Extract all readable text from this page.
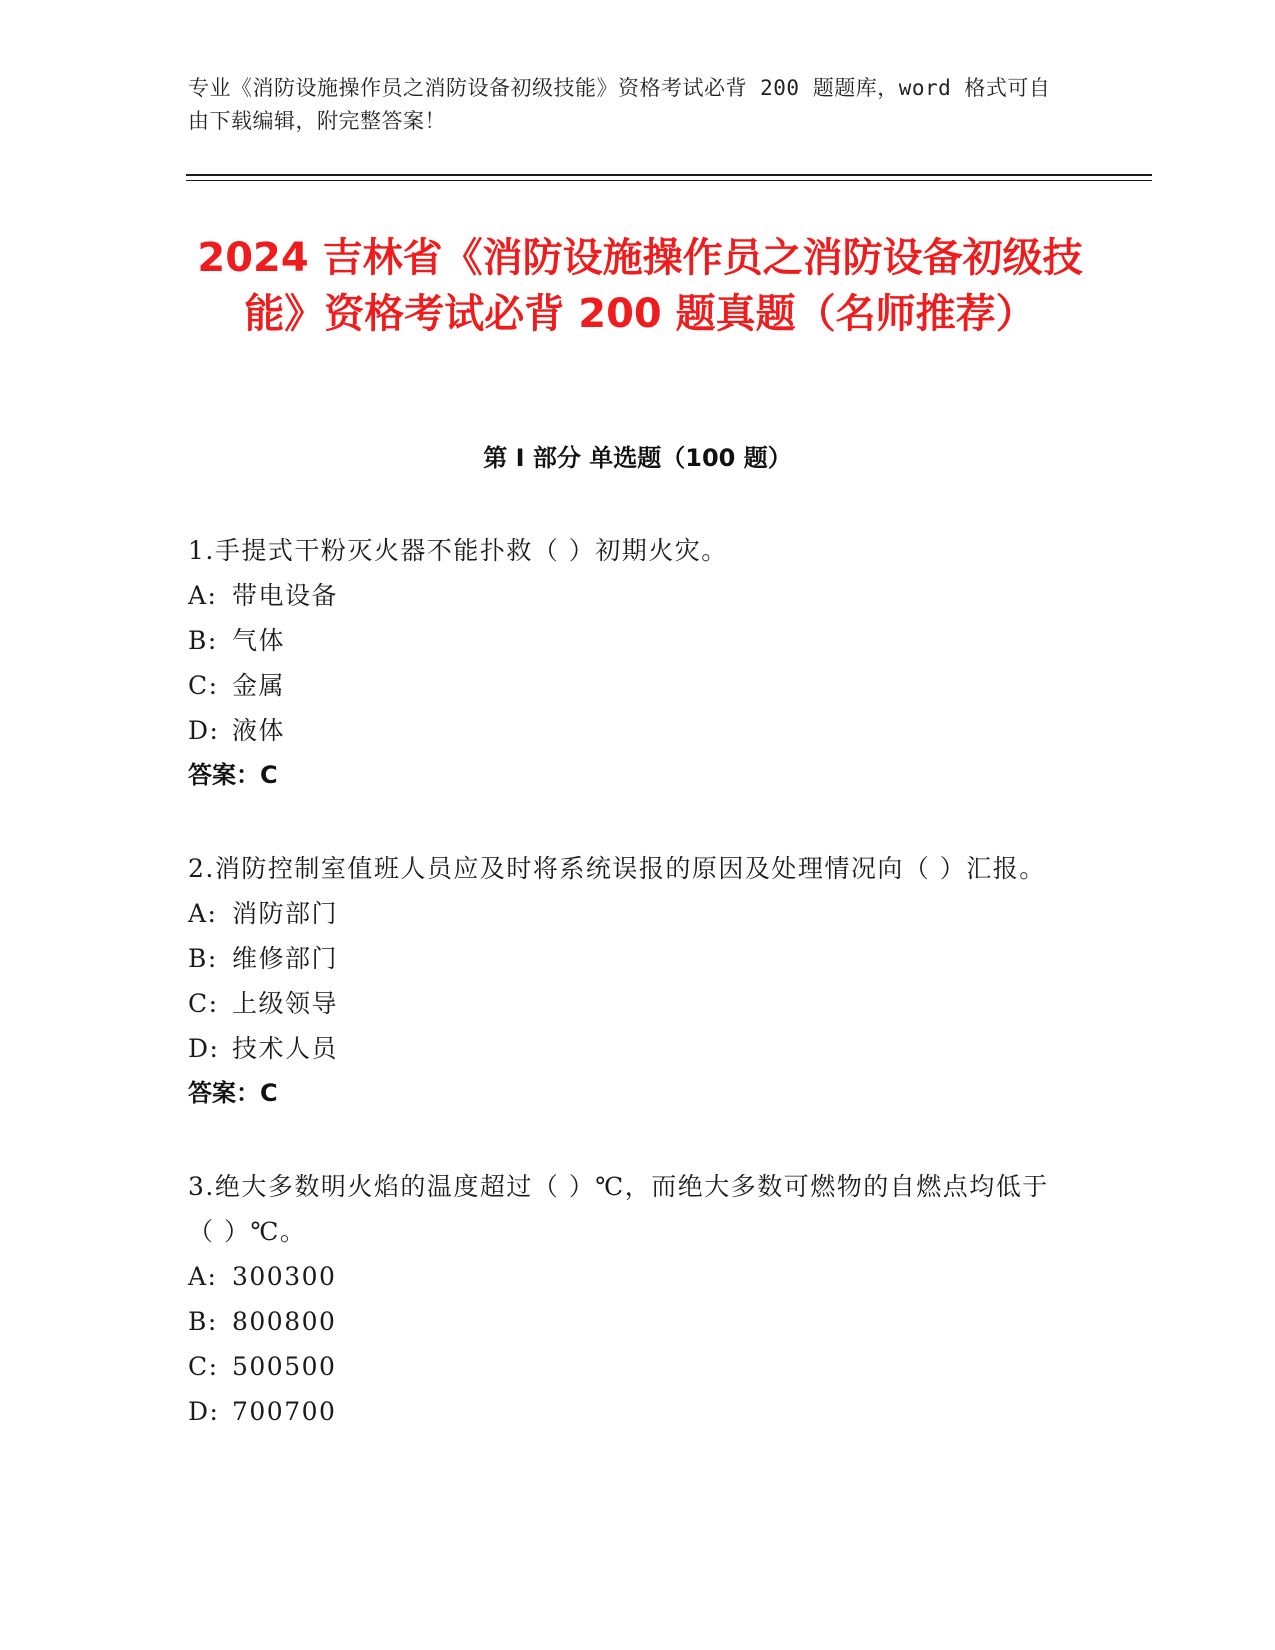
专业《消防设施操作员之消防设备初级技能》资格考试必背 200 题题库，word 格式可自由下载编辑，附完整答案！
2024 吉林省《消防设施操作员之消防设备初级技能》资格考试必背 200 题真题（名师推荐）
第 I 部分 单选题（100 题）

1.手提式干粉灭火器不能扑救（ ）初期火灾。

A: 带电设备
B: 气体
C: 金属
D: 液体
答案：C

2.消防控制室值班人员应及时将系统误报的原因及处理情况向（ ）汇报。

A: 消防部门
B: 维修部门
C: 上级领导
D: 技术人员
答案：C

3.绝大多数明火焰的温度超过（ ）℃，而绝大多数可燃物的自燃点均低于（ ）℃。

A: 300300
B: 800800
C: 500500
D: 700700
